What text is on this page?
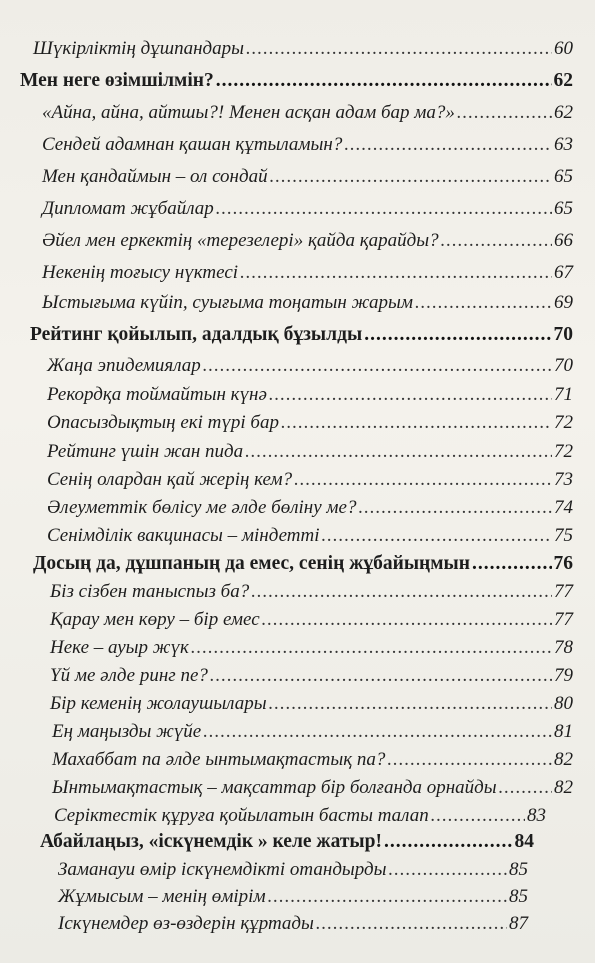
Шүкірліктің дұшпандары .....	60
Мен неге өзімшілмін? .....	62
«Айна, айна, айтшы?! Менен асқан адам бар ма?» .....	62
Сендей адамнан қашан құтыламын? .....	63
Мен қандаймын – ол сондай .....	65
Дипломат жұбайлар .....	65
Әйел мен еркектің «терезелері» қайда қарайды? .....	66
Некенің тоғысу нүктесі .....	67
Ыстығыма күйіп, суығыма тоңатын жарым .....	69
Рейтинг қойылып, адалдық бұзылды .....	70
Жаңа эпидемиялар .....	70
Рекордқа тоймайтын күнә .....	71
Опасыздықтың екі түрі бар .....	72
Рейтинг үшін жан пида .....	72
Сенің олардан қай жерің кем? .....	73
Әлеуметтік бөлісу ме әлде бөліну ме? .....	74
Сенімділік вакцинасы – міндетті .....	75
Досың да, дұшпаның да емес, сенің жұбайыңмын .....	76
Біз сізбен таныспыз ба? .....	77
Қарау мен көру – бір емес .....	77
Неке – ауыр жүк .....	78
Үй ме әлде ринг пе? .....	79
Бір кеменің жолаушылары .....	80
Ең маңызды жүйе .....	81
Махаббат па әлде ынтымақтастық па? .....	82
Ынтымақтастық – мақсаттар бір болғанда орнайды .....	82
Серіктестік құруға қойылатын басты талап .....	83
Абайлаңыз, «іскүнемдік » келе жатыр! .....	84
Заманауи өмір іскүнемдікті отандырды .....	85
Жұмысым – менің өмірім .....	85
Іскүнемдер өз-өздерін құртады .....	87
